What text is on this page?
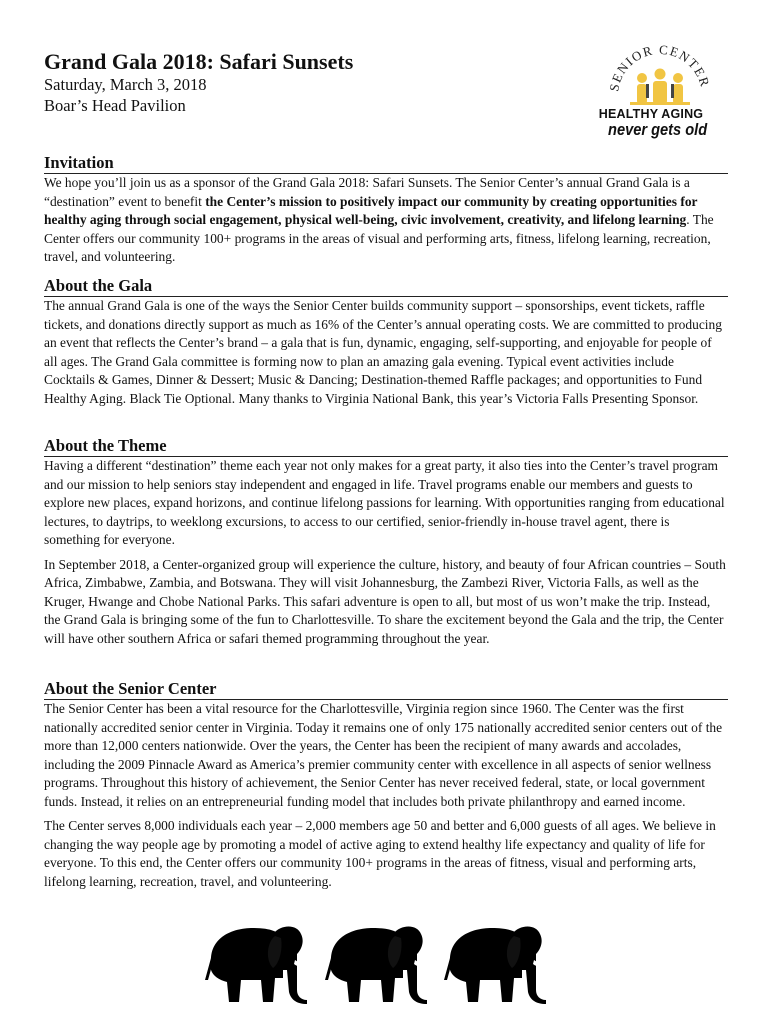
Grand Gala 2018: Safari Sunsets
Saturday, March 3, 2018
Boar’s Head Pavilion
SENIOR CENTER
HEALTHY AGING
never gets old
Invitation

We hope you’ll join us as a sponsor of the Grand Gala 2018: Safari Sunsets. The Senior Center’s annual Grand Gala is a “destination” event to benefit the Center’s mission to positively impact our community by creating opportunities for healthy aging through social engagement, physical well-being, civic involvement, creativity, and lifelong learning. The Center offers our community 100+ programs in the areas of visual and performing arts, fitness, lifelong learning, recreation, travel, and volunteering.

About the Gala

The annual Grand Gala is one of the ways the Senior Center builds community support – sponsorships, event tickets, raffle tickets, and donations directly support as much as 16% of the Center’s annual operating costs. We are committed to producing an event that reflects the Center’s brand – a gala that is fun, dynamic, engaging, self-supporting, and enjoyable for people of all ages. The Grand Gala committee is forming now to plan an amazing gala evening. Typical event activities include Cocktails & Games, Dinner & Dessert; Music & Dancing; Destination-themed Raffle packages; and opportunities to Fund Healthy Aging. Black Tie Optional. Many thanks to Virginia National Bank, this year’s Victoria Falls Presenting Sponsor.

About the Theme

Having a different “destination” theme each year not only makes for a great party, it also ties into the Center’s travel program and our mission to help seniors stay independent and engaged in life. Travel programs enable our members and guests to explore new places, expand horizons, and continue lifelong passions for learning. With opportunities ranging from educational lectures, to daytrips, to weeklong excursions, to access to our certified, senior-friendly in-house travel agent, there is something for everyone.

In September 2018, a Center-organized group will experience the culture, history, and beauty of four African countries – South Africa, Zimbabwe, Zambia, and Botswana. They will visit Johannesburg, the Zambezi River, Victoria Falls, as well as the Kruger, Hwange and Chobe National Parks. This safari adventure is open to all, but most of us won’t make the trip. Instead, the Grand Gala is bringing some of the fun to Charlottesville. To share the excitement beyond the Gala and the trip, the Center will have other southern Africa or safari themed programming throughout the year.

About the Senior Center

The Senior Center has been a vital resource for the Charlottesville, Virginia region since 1960. The Center was the first nationally accredited senior center in Virginia. Today it remains one of only 175 nationally accredited senior centers out of the more than 12,000 centers nationwide. Over the years, the Center has been the recipient of many awards and accolades, including the 2009 Pinnacle Award as America’s premier community center with excellence in all aspects of senior wellness programs. Throughout this history of achievement, the Senior Center has never received federal, state, or local government funds. Instead, it relies on an entrepreneurial funding model that includes both private philanthropy and earned income.

The Center serves 8,000 individuals each year – 2,000 members age 50 and better and 6,000 guests of all ages. We believe in changing the way people age by promoting a model of active aging to extend healthy life expectancy and quality of life for everyone. To this end, the Center offers our community 100+ programs in the areas of fitness, visual and performing arts, lifelong learning, recreation, travel, and volunteering.
